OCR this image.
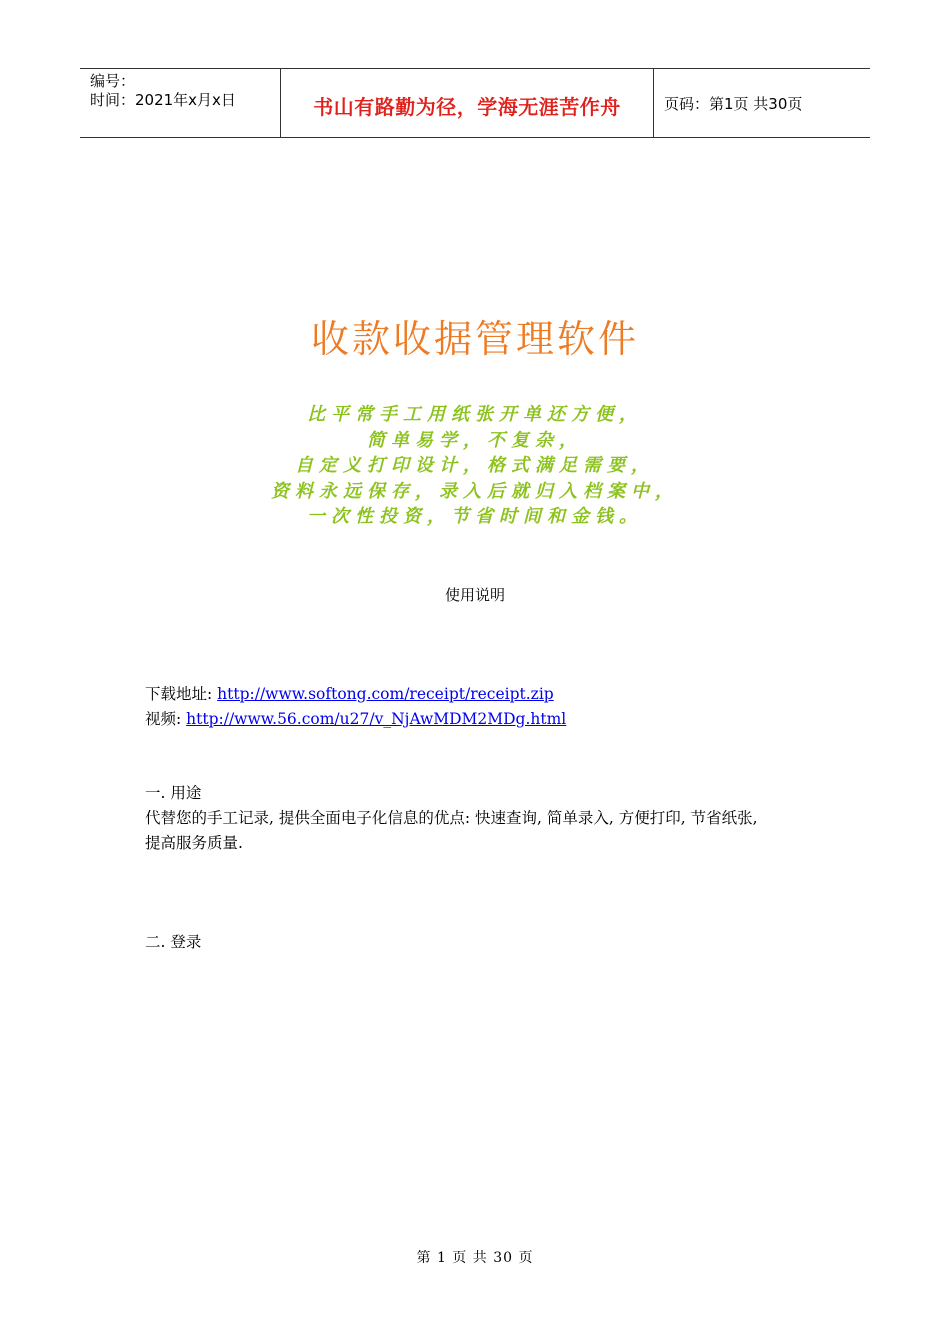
编号：
时间：2021年x月x日	书山有路勤为径，学海无涯苦作舟	页码：第1页 共30页
收款收据管理软件
比平常手工用纸张开单还方便，
简单易学，不复杂，
自定义打印设计，格式满足需要，
资料永远保存，录入后就归入档案中，
一次性投资，节省时间和金钱。
使用说明
下载地址: http://www.softong.com/receipt/receipt.zip
视频: http://www.56.com/u27/v_NjAwMDM2MDg.html
一. 用途
代替您的手工记录, 提供全面电子化信息的优点: 快速查询, 简单录入, 方便打印, 节省纸张,
提高服务质量.
二. 登录
第 1 页 共 30 页
